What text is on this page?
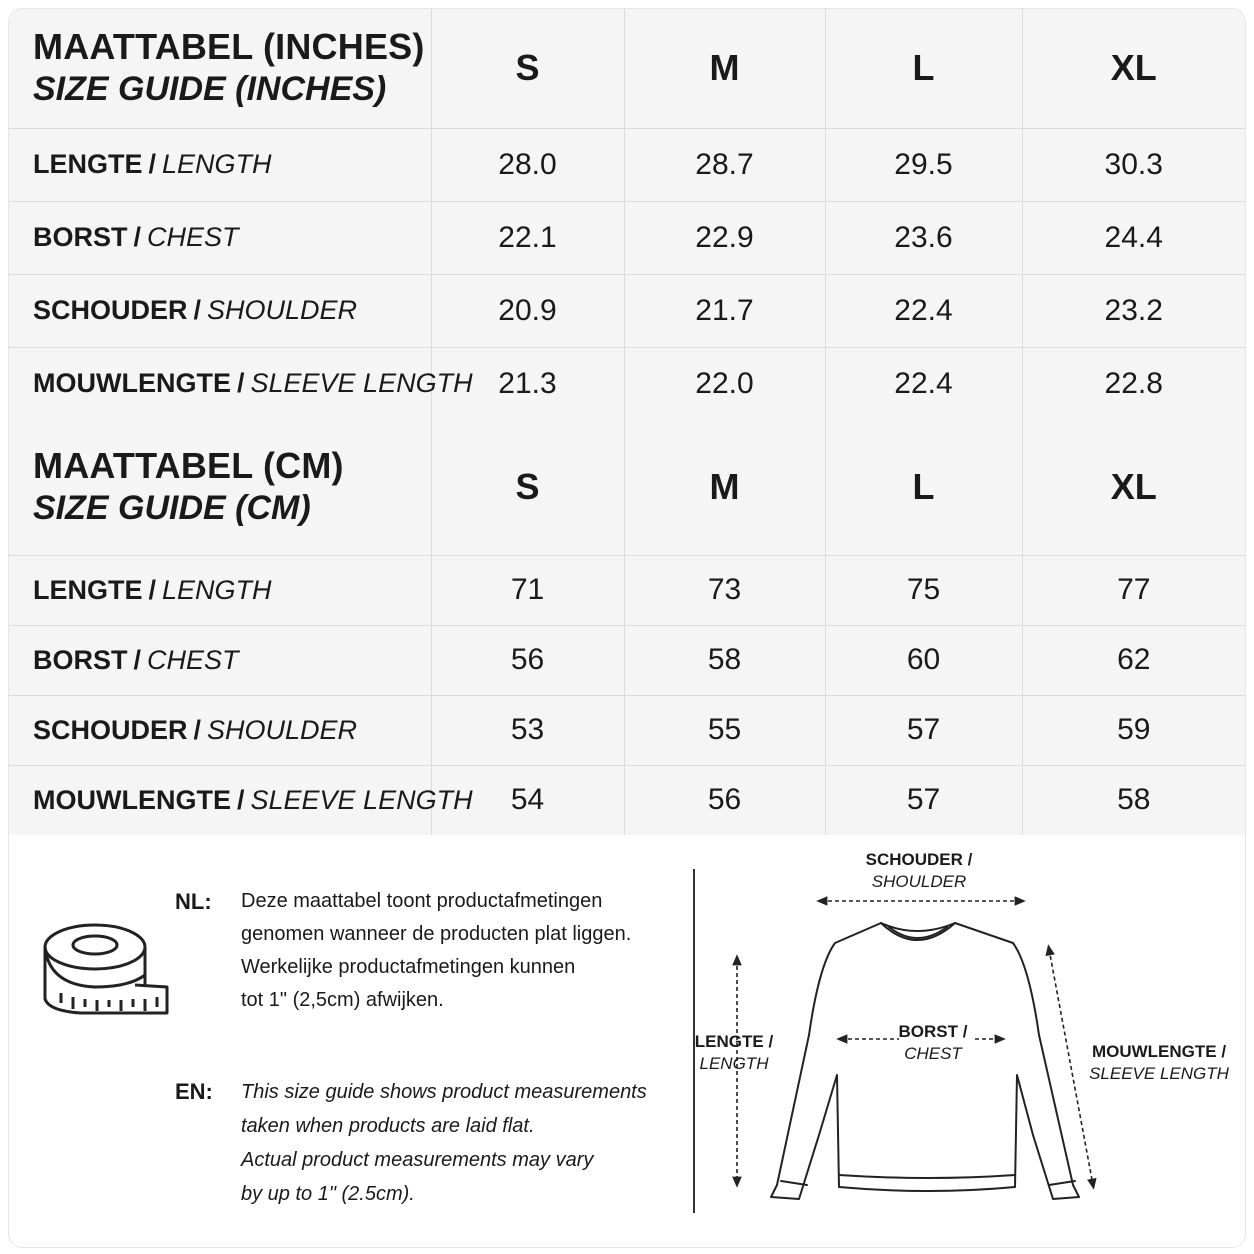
MAATTABEL (INCHES)
SIZE GUIDE (INCHES)	S	M	L	XL
LENGTE / LENGTH	28.0	28.7	29.5	30.3
BORST / CHEST	22.1	22.9	23.6	24.4
SCHOUDER / SHOULDER	20.9	21.7	22.4	23.2
MOUWLENGTE / SLEEVE LENGTH	21.3	22.0	22.4	22.8
MAATTABEL (CM)
SIZE GUIDE (CM)	S	M	L	XL
LENGTE / LENGTH	71	73	75	77
BORST / CHEST	56	58	60	62
SCHOUDER / SHOULDER	53	55	57	59
MOUWLENGTE / SLEEVE LENGTH	54	56	57	58
NL: Deze maattabel toont productafmetingen
genomen wanneer de producten plat liggen.
Werkelijke productafmetingen kunnen
tot 1" (2,5cm) afwijken.
EN: This size guide shows product measurements
taken when products are laid flat.
Actual product measurements may vary
by up to 1" (2.5cm).
SCHOUDER /
SHOULDER
LENGTE /
LENGTH
BORST /
CHEST	MOUWLENGTE /
SLEEVE LENGTH
